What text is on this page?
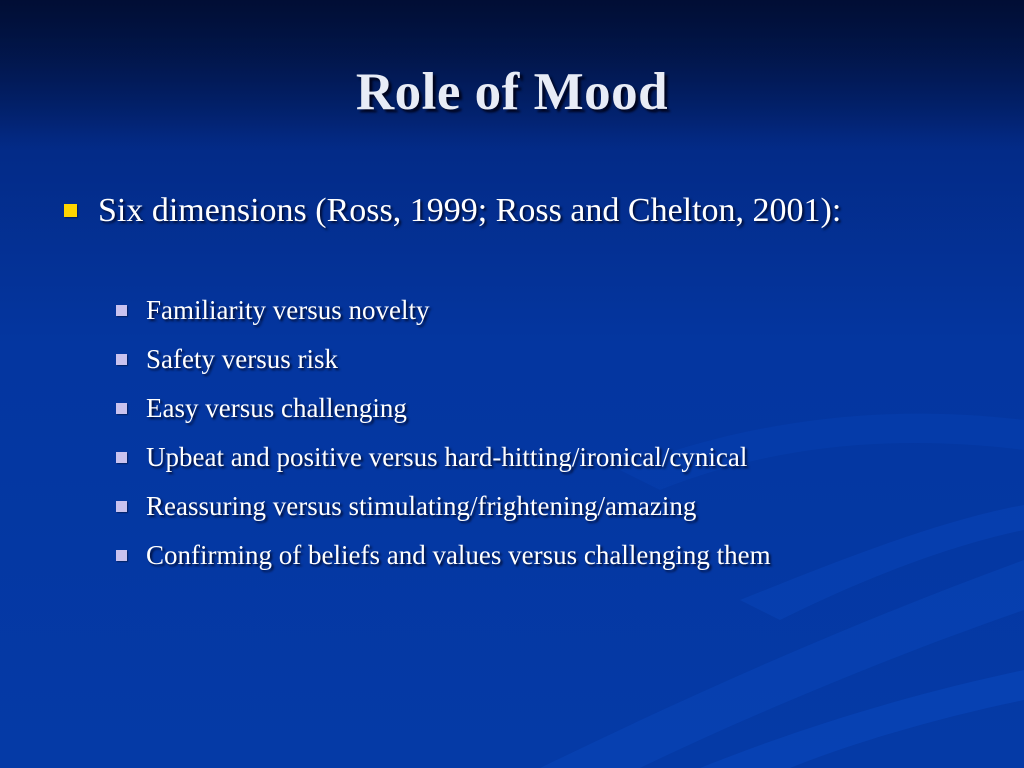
Role of Mood
Six dimensions (Ross, 1999; Ross and Chelton, 2001):
Familiarity versus novelty
Safety versus risk
Easy versus challenging
Upbeat and positive versus hard-hitting/ironical/cynical
Reassuring versus stimulating/frightening/amazing
Confirming of beliefs and values versus challenging them
